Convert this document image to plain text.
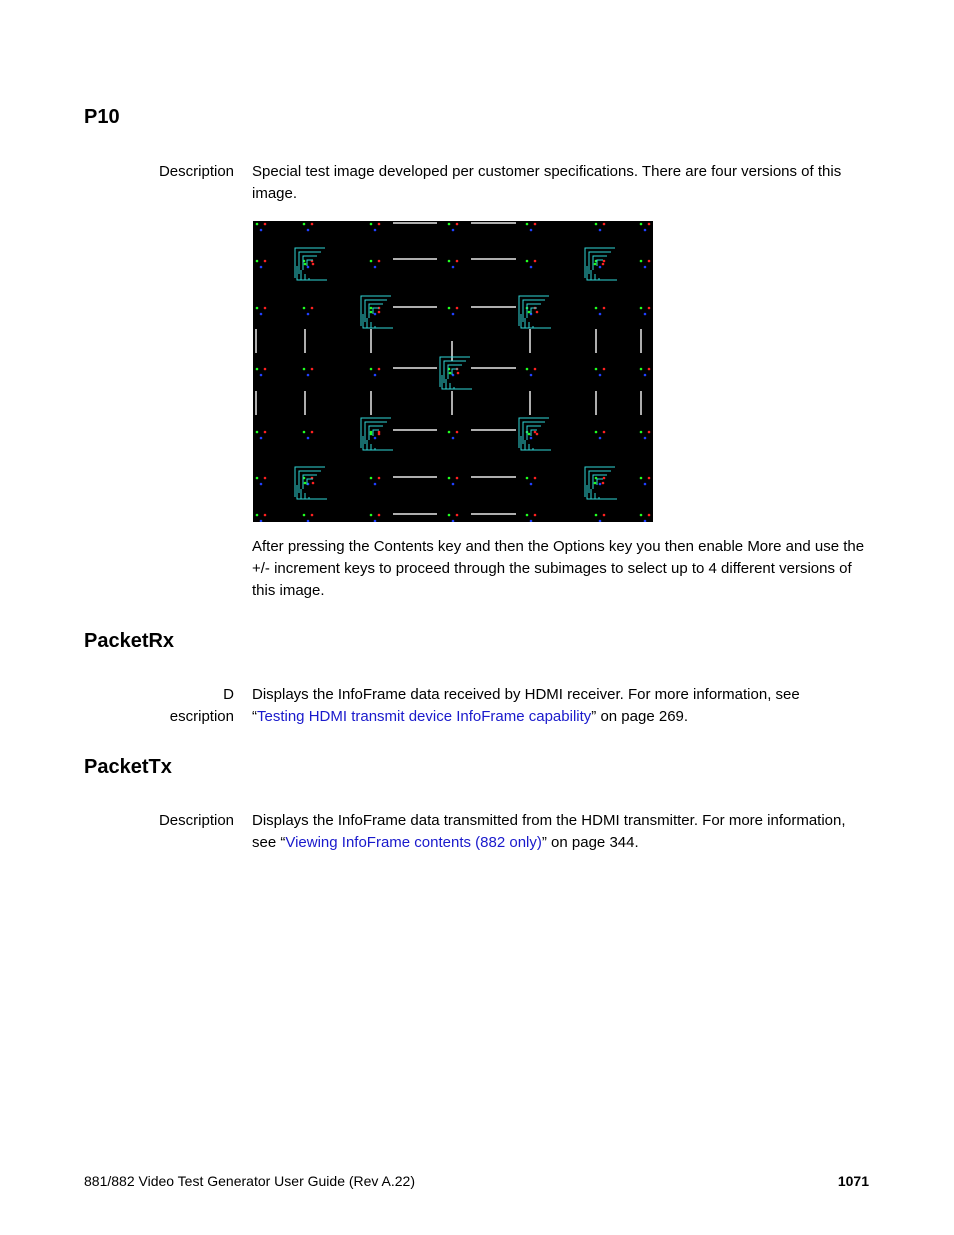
P10
Description Special test image developed per customer specifications. There are four versions of this image.

After pressing the Contents key and then the Options key you then enable More and use the +/- increment keys to proceed through the subimages to select up to 4 different versions of this image.

PacketRx
D
escription

Displays the InfoFrame data received by HDMI receiver. For more information, see “Testing HDMI transmit device InfoFrame capability” on page 269.

PacketTx
Description Displays the InfoFrame data transmitted from the HDMI transmitter. For more information, see “Viewing InfoFrame contents (882 only)” on page 344.

881/882 Video Test Generator User Guide (Rev A.22)	1071
